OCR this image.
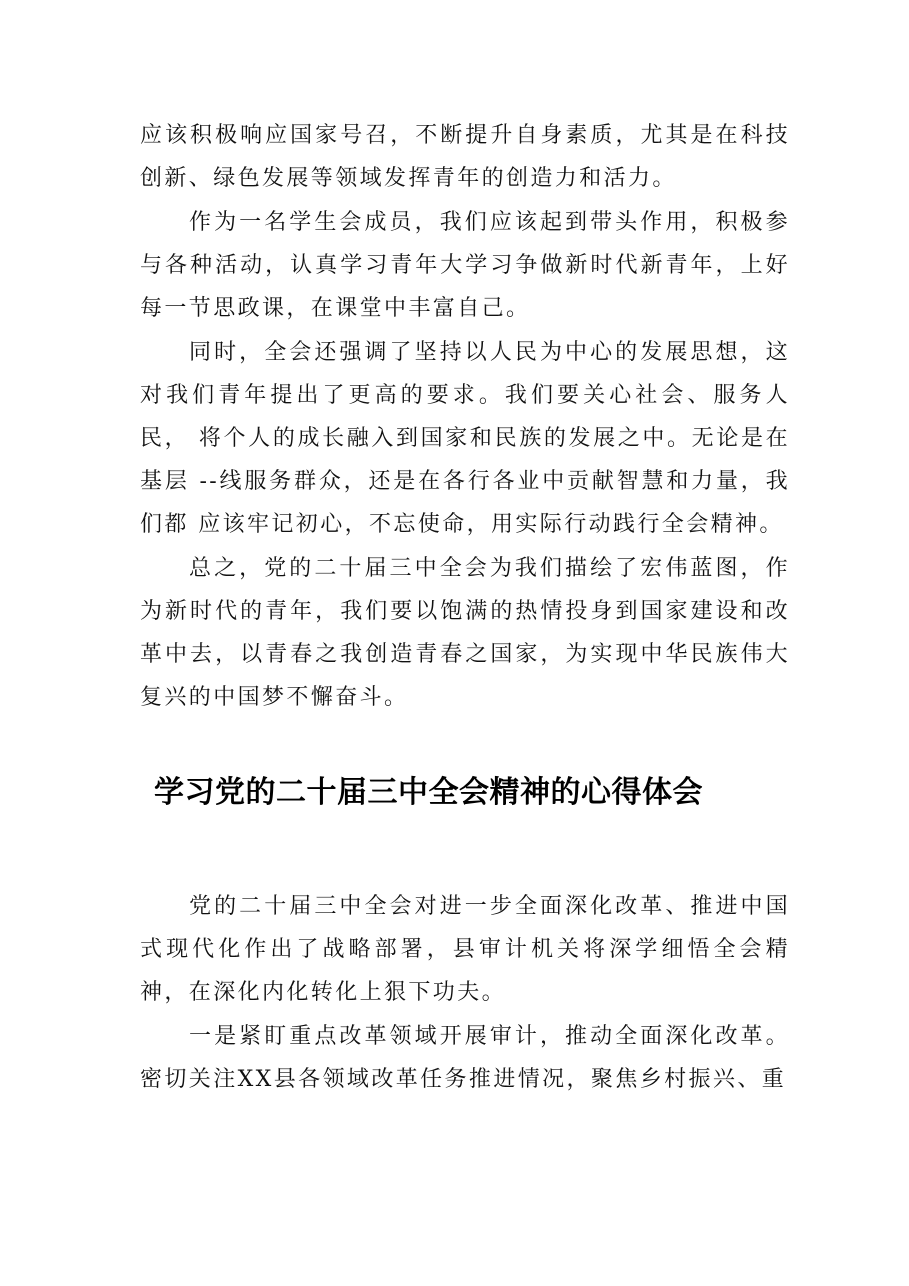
应该积极响应国家号召，不断提升自身素质，尤其是在科技创新、绿色发展等领域发挥青年的创造力和活力。

作为一名学生会成员，我们应该起到带头作用，积极参与各种活动，认真学习青年大学习争做新时代新青年，上好每一节思政课，在课堂中丰富自己。

同时，全会还强调了坚持以人民为中心的发展思想，这对我们青年提出了更高的要求。我们要关心社会、服务人民， 将个人的成长融入到国家和民族的发展之中。无论是在基层 --线服务群众，还是在各行各业中贡献智慧和力量，我们都 应该牢记初心，不忘使命，用实际行动践行全会精神。

总之，党的二十届三中全会为我们描绘了宏伟蓝图，作为新时代的青年，我们要以饱满的热情投身到国家建设和改革中去，以青春之我创造青春之国家，为实现中华民族伟大复兴的中国梦不懈奋斗。

学习党的二十届三中全会精神的心得体会

党的二十届三中全会对进一步全面深化改革、推进中国式现代化作出了战略部署，县审计机关将深学细悟全会精神，在深化内化转化上狠下功夫。

一是紧盯重点改革领域开展审计，推动全面深化改革。密切关注XX县各领域改革任务推进情况，聚焦乡村振兴、重
